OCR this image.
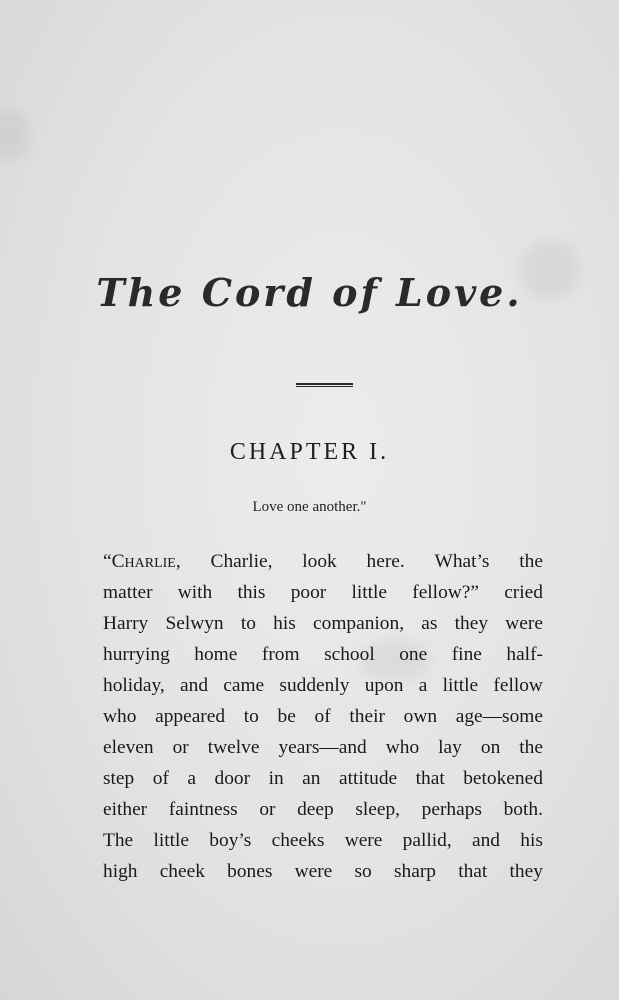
The Cord of Love.
CHAPTER I.
Love one another."
“Charlie, Charlie, look here. What’s the
matter with this poor little fellow?” cried
Harry Selwyn to his companion, as they were
hurrying home from school one fine half-
holiday, and came suddenly upon a little fellow
who appeared to be of their own age—some
eleven or twelve years—and who lay on the
step of a door in an attitude that betokened
either faintness or deep sleep, perhaps both.
The little boy’s cheeks were pallid, and his
high cheek bones were so sharp that they
